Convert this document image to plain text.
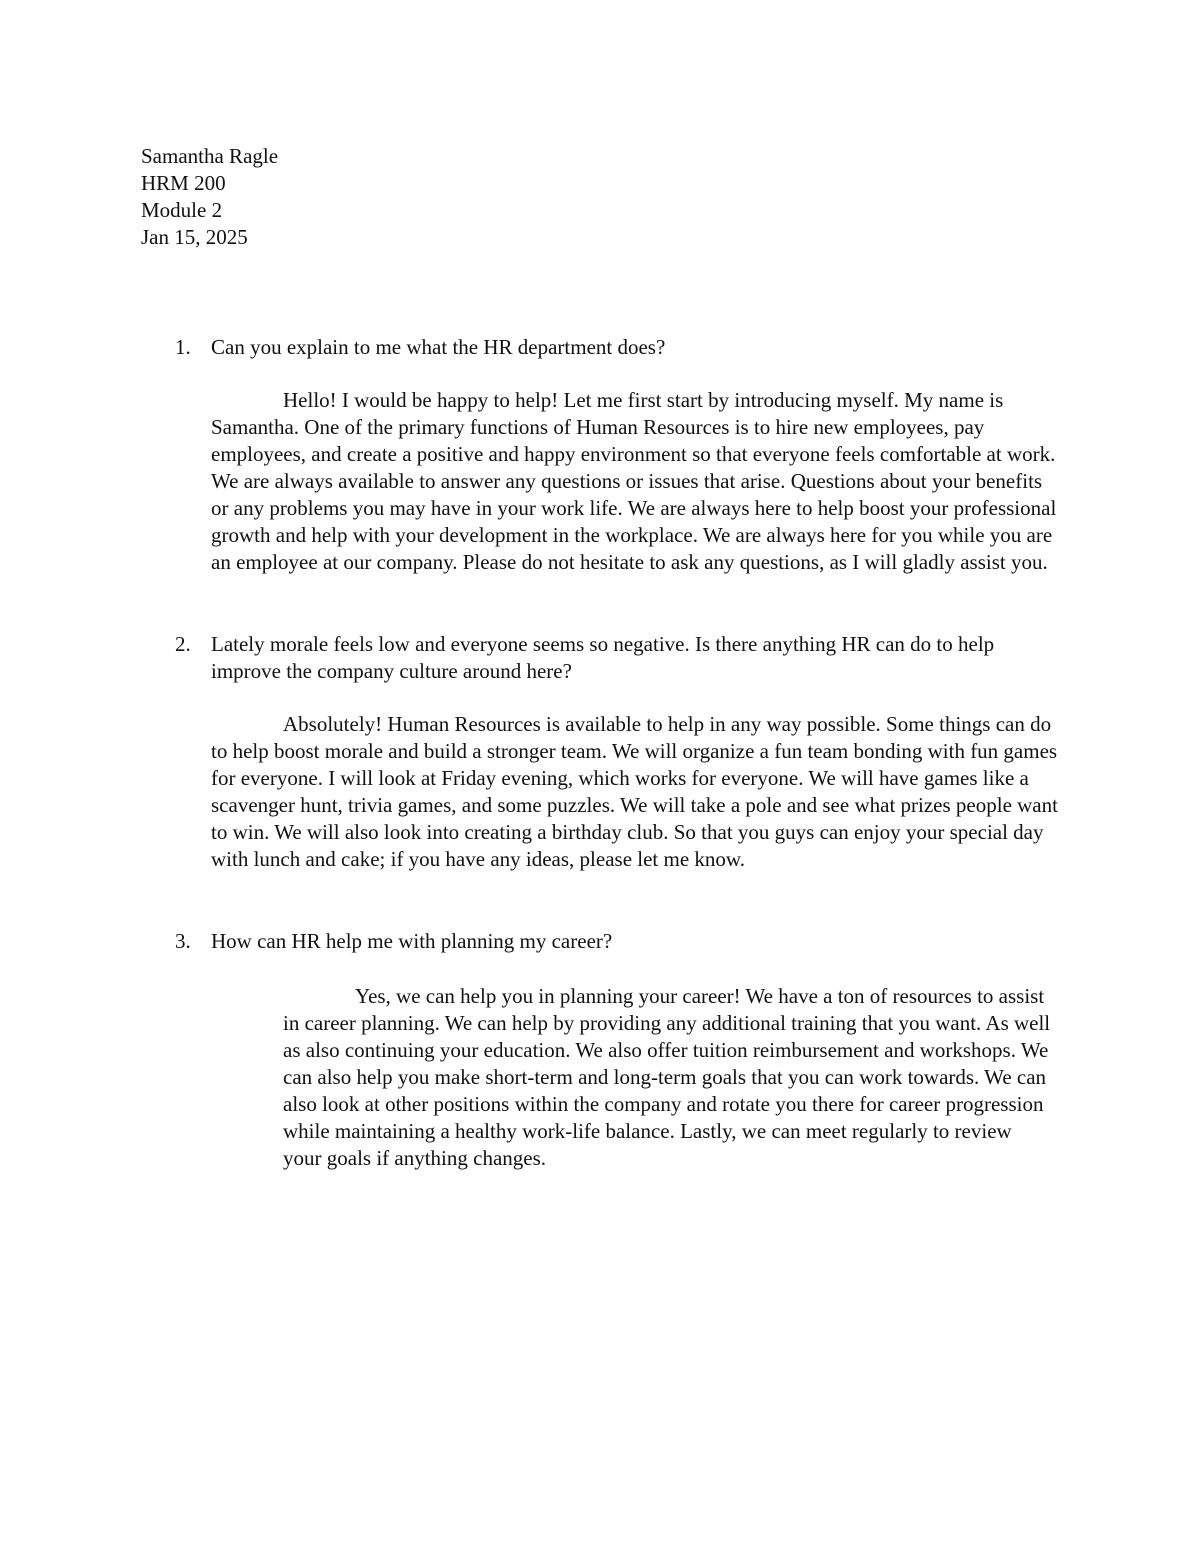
Samantha Ragle
HRM 200
Module 2
Jan 15, 2025
1. Can you explain to me what the HR department does?
Hello! I would be happy to help! Let me first start by introducing myself. My name is Samantha. One of the primary functions of Human Resources is to hire new employees, pay employees, and create a positive and happy environment so that everyone feels comfortable at work. We are always available to answer any questions or issues that arise. Questions about your benefits or any problems you may have in your work life. We are always here to help boost your professional growth and help with your development in the workplace. We are always here for you while you are an employee at our company. Please do not hesitate to ask any questions, as I will gladly assist you.
2. Lately morale feels low and everyone seems so negative. Is there anything HR can do to help improve the company culture around here?
Absolutely! Human Resources is available to help in any way possible. Some things can do to help boost morale and build a stronger team. We will organize a fun team bonding with fun games for everyone. I will look at Friday evening, which works for everyone. We will have games like a scavenger hunt, trivia games, and some puzzles. We will take a pole and see what prizes people want to win. We will also look into creating a birthday club. So that you guys can enjoy your special day with lunch and cake; if you have any ideas, please let me know.
3. How can HR help me with planning my career?
Yes, we can help you in planning your career! We have a ton of resources to assist in career planning. We can help by providing any additional training that you want. As well as also continuing your education. We also offer tuition reimbursement and workshops. We can also help you make short-term and long-term goals that you can work towards. We can also look at other positions within the company and rotate you there for career progression while maintaining a healthy work-life balance. Lastly, we can meet regularly to review your goals if anything changes.
